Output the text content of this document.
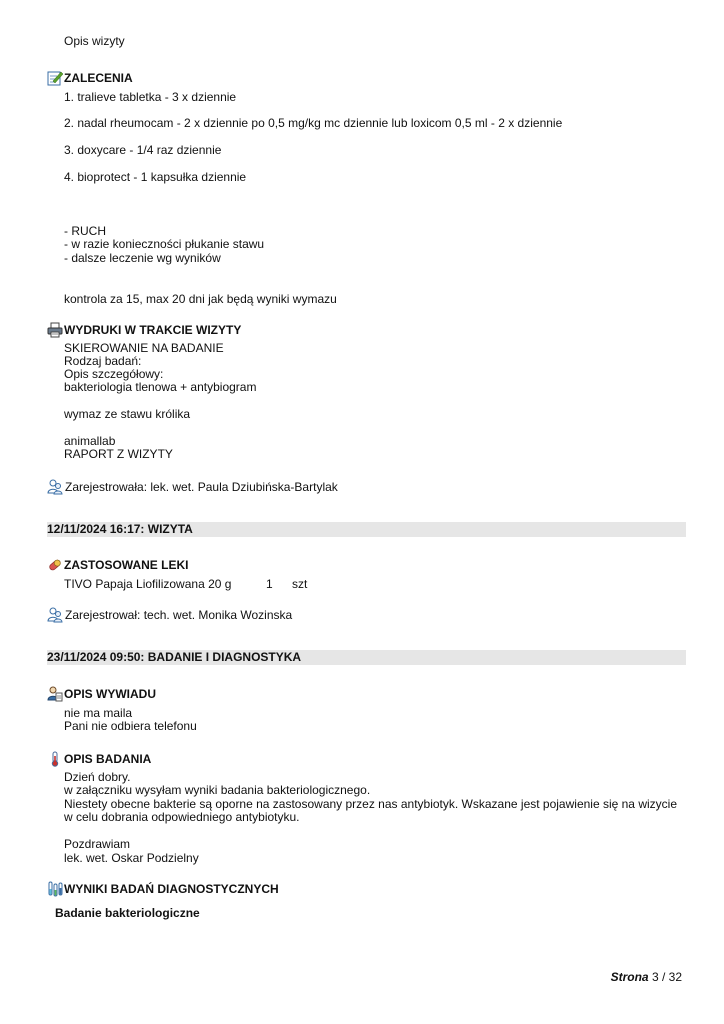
Opis wizyty
ZALECENIA
1. tralieve tabletka - 3 x dziennie
2. nadal rheumocam - 2 x dziennie po 0,5 mg/kg mc dziennie lub loxicom 0,5 ml - 2 x dziennie
3. doxycare - 1/4 raz dziennie
4. bioprotect - 1 kapsułka dziennie
- RUCH
- w razie konieczności płukanie stawu
- dalsze leczenie wg wyników
kontrola za 15, max 20 dni jak będą wyniki wymazu
WYDRUKI W TRAKCIE WIZYTY
SKIEROWANIE NA BADANIE
Rodzaj badań:
Opis szczegółowy:
bakteriologia tlenowa + antybiogram
wymaz ze stawu królika
animallab
RAPORT Z WIZYTY
Zarejestrowała: lek. wet. Paula Dziubińska-Bartylak
12/11/2024 16:17: WIZYTA
ZASTOSOWANE LEKI
TIVO Papaja Liofilizowana 20 g	1	szt
Zarejestrował: tech. wet. Monika Wozinska
23/11/2024 09:50: BADANIE I DIAGNOSTYKA
OPIS WYWIADU
nie ma maila
Pani nie odbiera telefonu
OPIS BADANIA
Dzień dobry.
w załączniku wysyłam wyniki badania bakteriologicznego.
Niestety obecne bakterie są oporne na zastosowany przez nas antybiotyk. Wskazane jest pojawienie się na wizycie
w celu dobrania odpowiedniego antybiotyku.
Pozdrawiam
lek. wet. Oskar Podzielny
WYNIKI BADAŃ DIAGNOSTYCZNYCH
Badanie bakteriologiczne
Strona 3 / 32
